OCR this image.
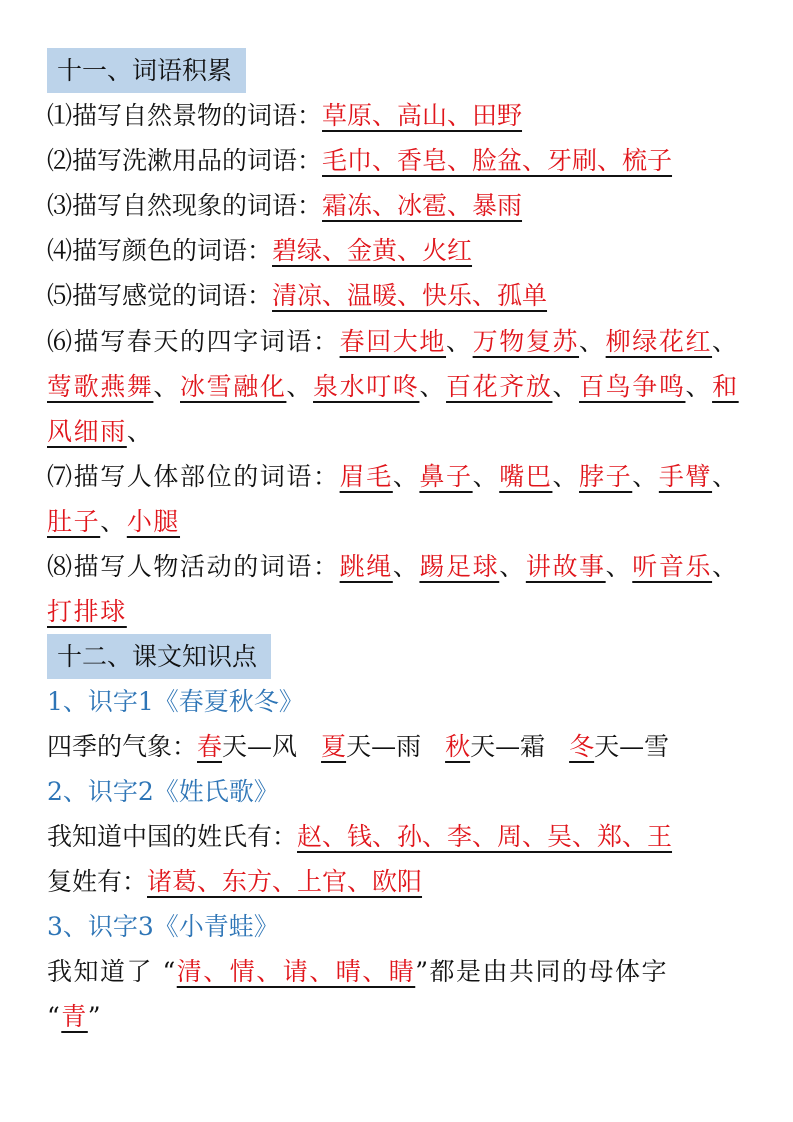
十一、词语积累
⑴描写自然景物的词语：草原、高山、田野
⑵描写洗漱用品的词语：毛巾、香皂、脸盆、牙刷、梳子
⑶描写自然现象的词语：霜冻、冰雹、暴雨
⑷描写颜色的词语：碧绿、金黄、火红
⑸描写感觉的词语：清凉、温暖、快乐、孤单
⑹描写春天的四字词语：春回大地、万物复苏、柳绿花红、莺歌燕舞、冰雪融化、泉水叮咚、百花齐放、百鸟争鸣、和风细雨、
⑺描写人体部位的词语：眉毛、鼻子、嘴巴、脖子、手臂、肚子、小腿
⑻描写人物活动的词语：跳绳、踢足球、讲故事、听音乐、打排球
十二、课文知识点
1、识字1《春夏秋冬》
四季的气象：春天—风 夏天—雨 秋天—霜 冬天—雪
2、识字2《姓氏歌》
我知道中国的姓氏有：赵、钱、孙、李、周、吴、郑、王
复姓有：诸葛、东方、上官、欧阳
3、识字3《小青蛙》
我知道了 “清、情、请、晴、睛”都是由共同的母体字
“青”
